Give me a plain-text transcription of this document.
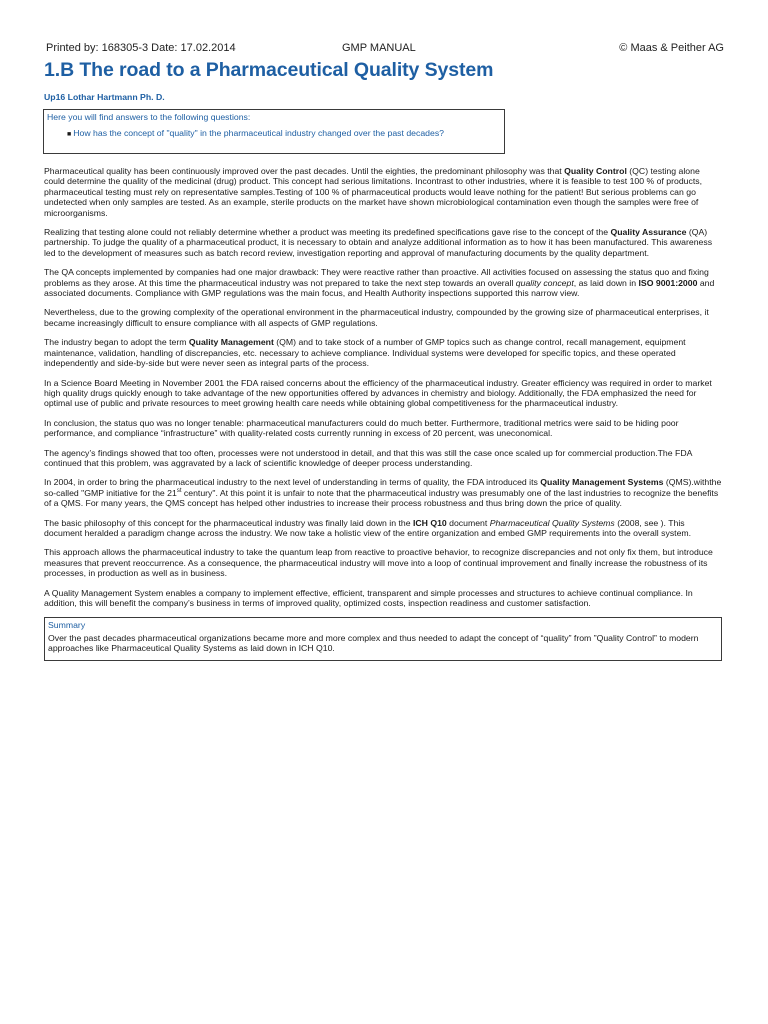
Printed by: 168305-3 Date: 17.02.2014	GMP MANUAL	© Maas & Peither AG
1.B The road to a Pharmaceutical Quality System
Up16 Lothar Hartmann Ph. D.
Here you will find answers to the following questions:
■ How has the concept of "quality" in the pharmaceutical industry changed over the past decades?

Pharmaceutical quality has been continuously improved over the past decades. Until the eighties, the predominant philosophy was that Quality Control (QC) testing alone could determine the quality of the medicinal (drug) product. This concept had serious limitations. Incontrast to other industries, where it is feasible to test 100 % of products, pharmaceutical testing must rely on representative samples.Testing of 100 % of pharmaceutical products would leave nothing for the patient! But serious problems can go undetected when only samples are tested. As an example, sterile products on the market have shown microbiological contamination even though the samples were free of microorganisms.

Realizing that testing alone could not reliably determine whether a product was meeting its predefined specifications gave rise to the concept of the Quality Assurance (QA) partnership. To judge the quality of a pharmaceutical product, it is necessary to obtain and analyze additional information as to how it has been manufactured. This awareness led to the development of measures such as batch record review, investigation reporting and approval of manufacturing documents by the quality department.

The QA concepts implemented by companies had one major drawback: They were reactive rather than proactive. All activities focused on assessing the status quo and fixing problems as they arose. At this time the pharmaceutical industry was not prepared to take the next step towards an overall quality concept, as laid down in ISO 9001:2000 and associated documents. Compliance with GMP regulations was the main focus, and Health Authority inspections supported this narrow view.

Nevertheless, due to the growing complexity of the operational environment in the pharmaceutical industry, compounded by the growing size of pharmaceutical enterprises, it became increasingly difficult to ensure compliance with all aspects of GMP regulations.

The industry began to adopt the term Quality Management (QM) and to take stock of a number of GMP topics such as change control, recall management, equipment maintenance, validation, handling of discrepancies, etc. necessary to achieve compliance. Individual systems were developed for specific topics, and these operated independently and side-by-side but were never seen as integral parts of the process.

In a Science Board Meeting in November 2001 the FDA raised concerns about the efficiency of the pharmaceutical industry. Greater efficiency was required in order to market high quality drugs quickly enough to take advantage of the new opportunities offered by advances in chemistry and biology. Additionally, the FDA emphasized the need for optimal use of public and private resources to meet growing health care needs while obtaining global competitiveness for the pharmaceutical industry.

In conclusion, the status quo was no longer tenable: pharmaceutical manufacturers could do much better. Furthermore, traditional metrics were said to be hiding poor performance, and compliance “infrastructure” with quality-related costs currently running in excess of 20 percent, was uneconomical.

The agency’s findings showed that too often, processes were not understood in detail, and that this was still the case once scaled up for commercial production.The FDA continued that this problem, was aggravated by a lack of scientific knowledge of deeper process understanding.

In 2004, in order to bring the pharmaceutical industry to the next level of understanding in terms of quality, the FDA introduced its Quality Management Systems (QMS).withthe so-called "GMP initiative for the 21st century". At this point it is unfair to note that the pharmaceutical industry was presumably one of the last industries to recognize the benefits of a QMS. For many years, the QMS concept has helped other industries to increase their process robustness and thus bring down the price of quality.

The basic philosophy of this concept for the pharmaceutical industry was finally laid down in the ICH Q10 document Pharmaceutical Quality Systems (2008, see ). This document heralded a paradigm change across the industry. We now take a holistic view of the entire organization and embed GMP requirements into the overall system.

This approach allows the pharmaceutical industry to take the quantum leap from reactive to proactive behavior, to recognize discrepancies and not only fix them, but introduce measures that prevent reoccurrence. As a consequence, the pharmaceutical industry will move into a loop of continual improvement and finally increase the robustness of its processes, in production as well as in business.

A Quality Management System enables a company to implement effective, efficient, transparent and simple processes and structures to achieve continual compliance. In addition, this will benefit the company’s business in terms of improved quality, optimized costs, inspection readiness and customer satisfaction.

Summary
Over the past decades pharmaceutical organizations became more and more complex and thus needed to adapt the concept of “quality” from ”Quality Control” to modern approaches like Pharmaceutical Quality Systems as laid down in ICH Q10.
